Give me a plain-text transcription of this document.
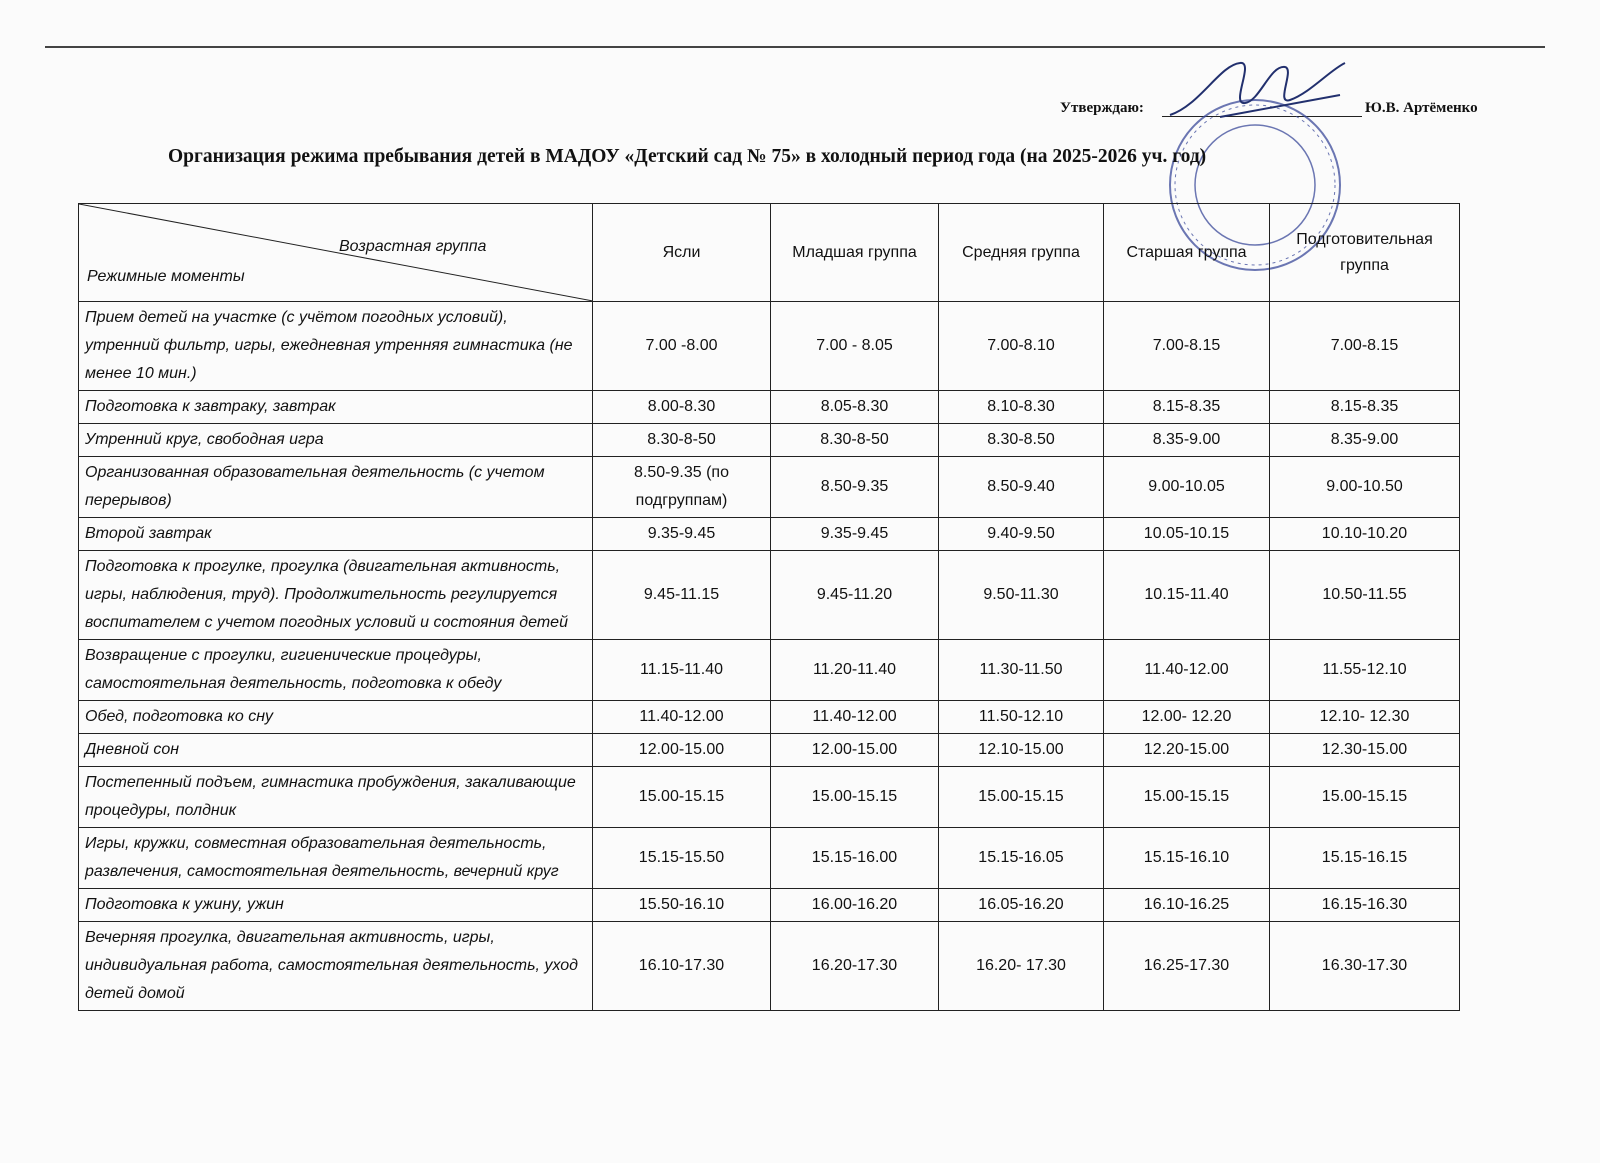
Утверждаю:	Ю.В. Артёменко
Организация режима пребывания детей в МАДОУ «Детский сад № 75» в холодный период года (на 2025-2026 уч. год)
Возрастная группа
Режимные моменты	Ясли	Младшая группа	Средняя группа	Старшая группа	Подготовительная группа
Прием детей на участке (с учётом погодных условий), утренний фильтр, игры, ежедневная утренняя гимнастика (не менее 10 мин.)	7.00 -8.00	7.00 - 8.05	7.00-8.10	7.00-8.15	7.00-8.15
Подготовка к завтраку, завтрак	8.00-8.30	8.05-8.30	8.10-8.30	8.15-8.35	8.15-8.35
Утренний круг, свободная игра	8.30-8-50	8.30-8-50	8.30-8.50	8.35-9.00	8.35-9.00
Организованная образовательная деятельность (с учетом перерывов)	8.50-9.35 (по подгруппам)	8.50-9.35	8.50-9.40	9.00-10.05	9.00-10.50
Второй завтрак	9.35-9.45	9.35-9.45	9.40-9.50	10.05-10.15	10.10-10.20
Подготовка к прогулке, прогулка (двигательная активность, игры, наблюдения, труд). Продолжительность регулируется воспитателем с учетом погодных условий и состояния детей	9.45-11.15	9.45-11.20	9.50-11.30	10.15-11.40	10.50-11.55
Возвращение с прогулки, гигиенические процедуры, самостоятельная деятельность, подготовка к обеду	11.15-11.40	11.20-11.40	11.30-11.50	11.40-12.00	11.55-12.10
Обед, подготовка ко сну	11.40-12.00	11.40-12.00	11.50-12.10	12.00- 12.20	12.10- 12.30
Дневной сон	12.00-15.00	12.00-15.00	12.10-15.00	12.20-15.00	12.30-15.00
Постепенный подъем, гимнастика пробуждения, закаливающие процедуры, полдник	15.00-15.15	15.00-15.15	15.00-15.15	15.00-15.15	15.00-15.15
Игры, кружки, совместная образовательная деятельность, развлечения, самостоятельная деятельность, вечерний круг	15.15-15.50	15.15-16.00	15.15-16.05	15.15-16.10	15.15-16.15
Подготовка к ужину, ужин	15.50-16.10	16.00-16.20	16.05-16.20	16.10-16.25	16.15-16.30
Вечерняя прогулка, двигательная активность, игры, индивидуальная работа, самостоятельная деятельность, уход детей домой	16.10-17.30	16.20-17.30	16.20- 17.30	16.25-17.30	16.30-17.30
